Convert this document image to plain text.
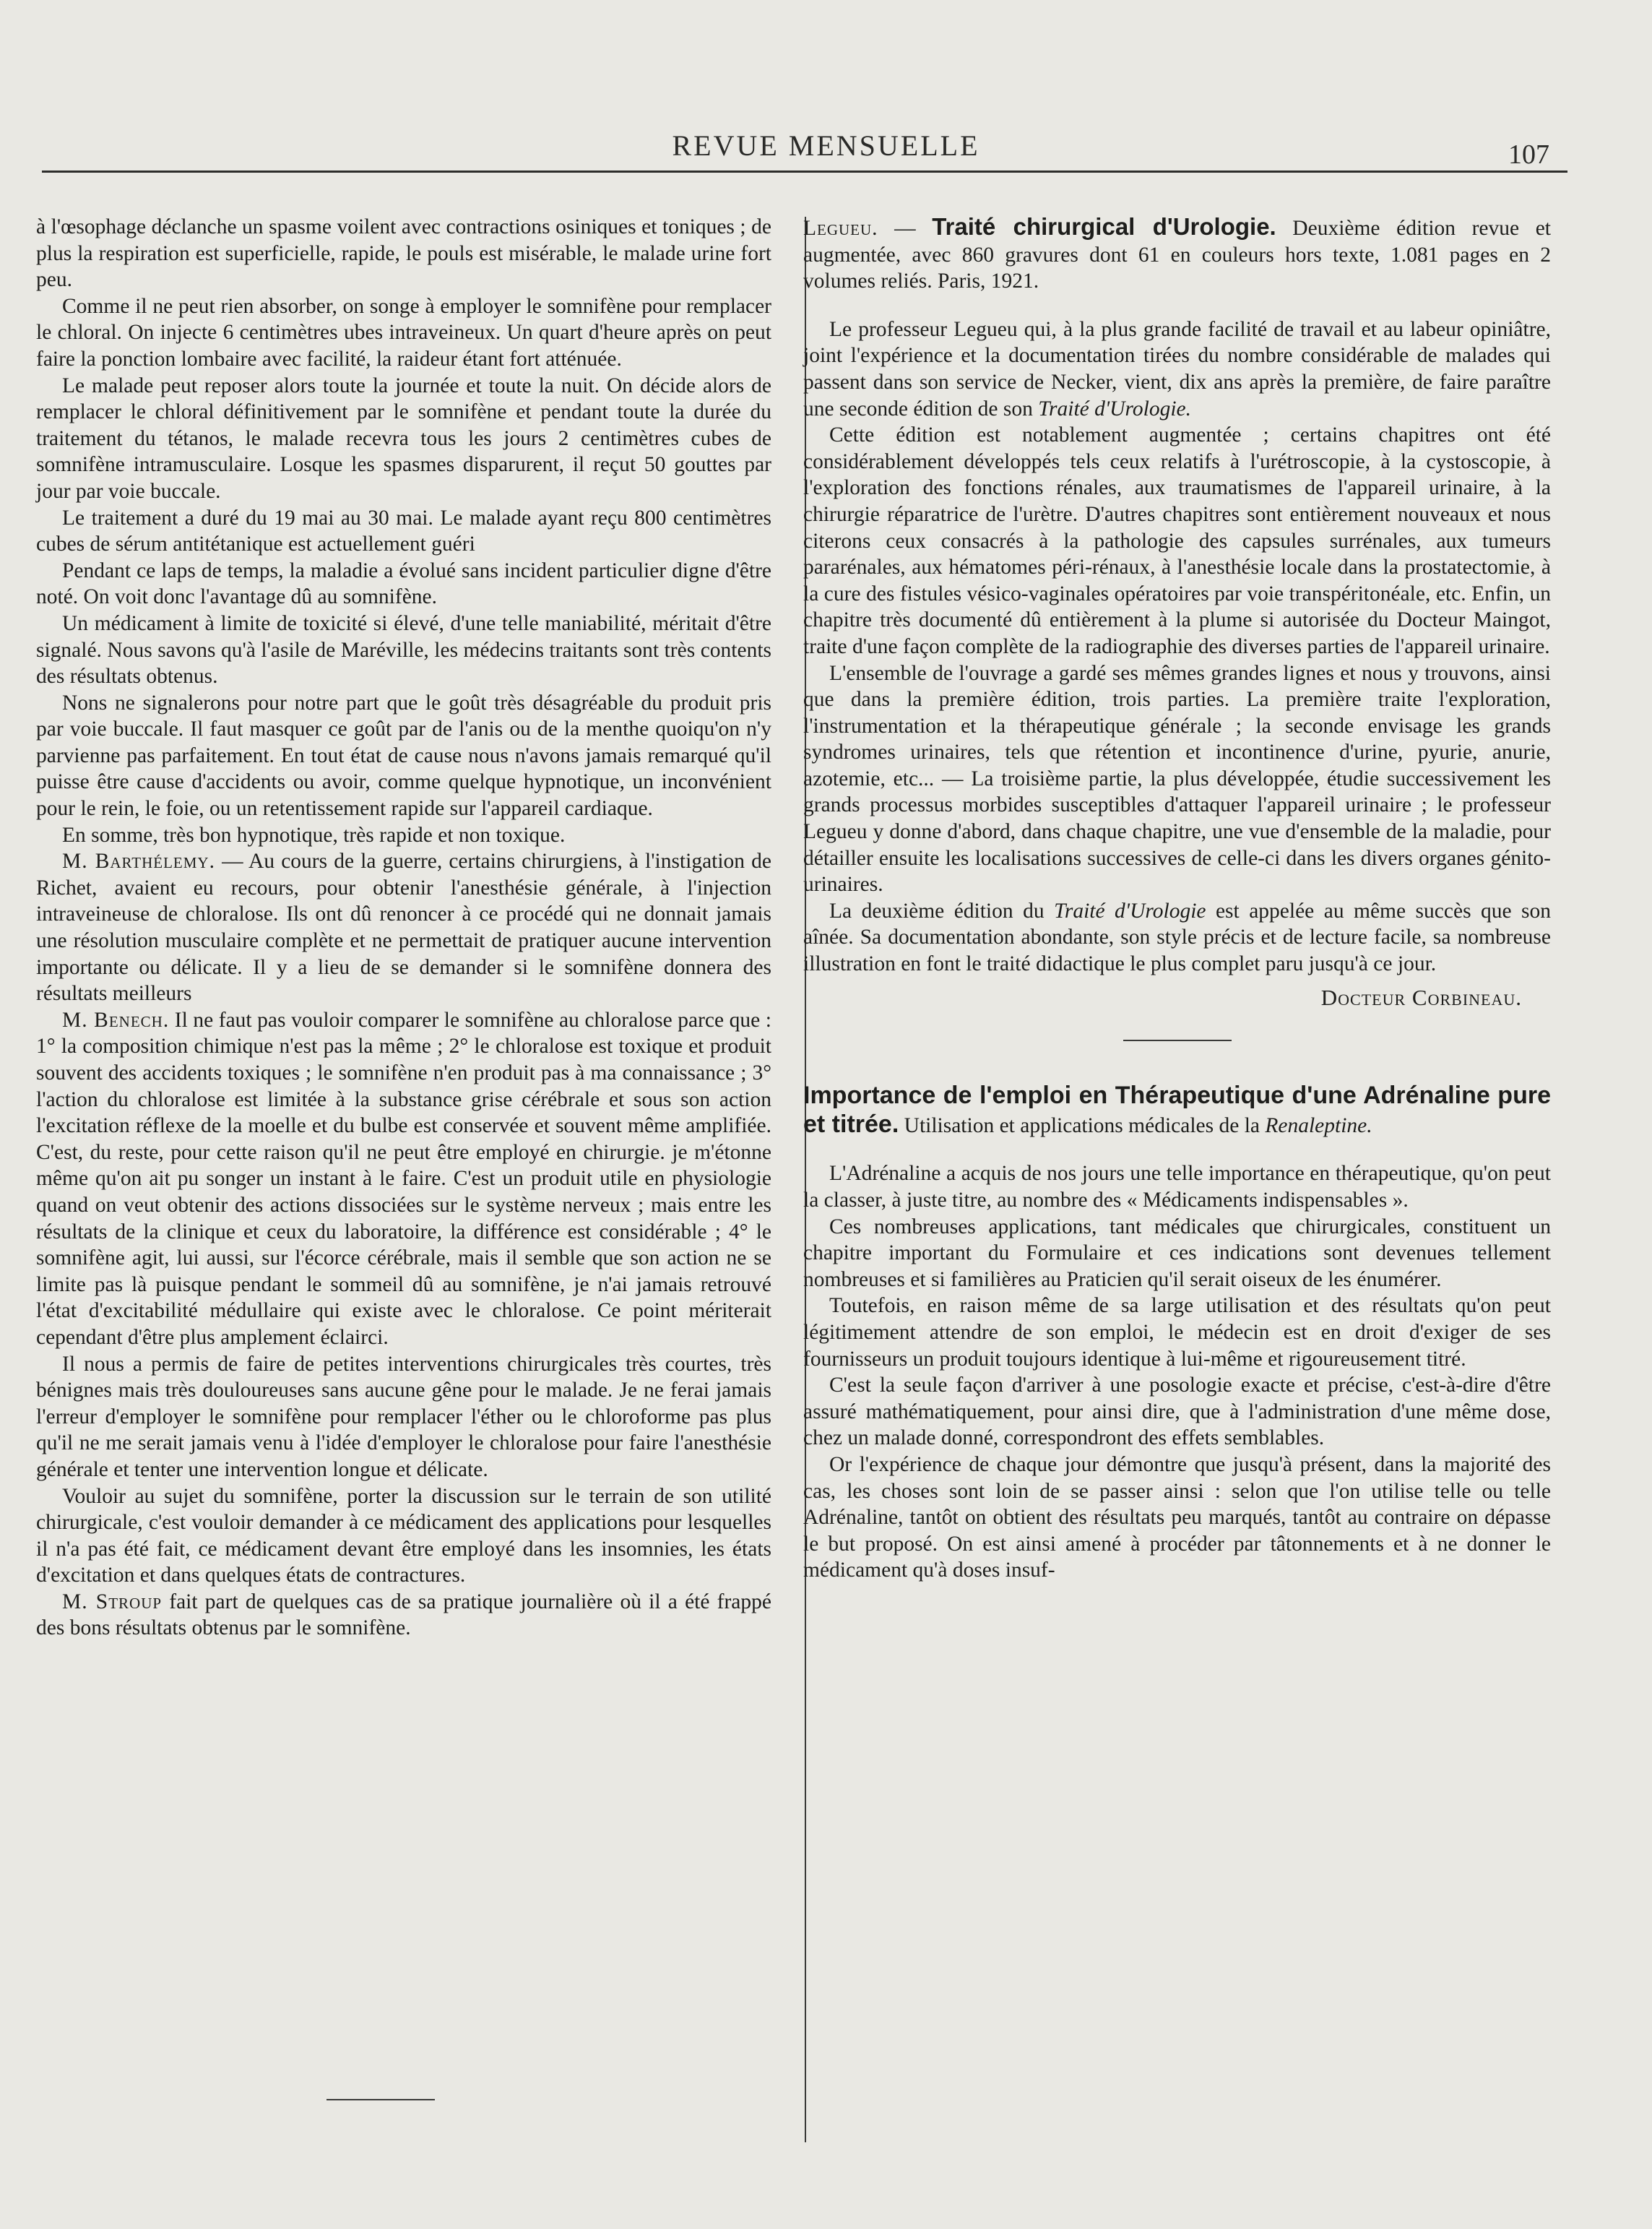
REVUE MENSUELLE	107

à l'œsophage déclanche un spasme voilent avec contractions osiniques et toniques ; de plus la respiration est superficielle, rapide, le pouls est misérable, le malade urine fort peu.

Comme il ne peut rien absorber, on songe à employer le somnifène pour remplacer le chloral. On injecte 6 centimètres ubes intraveineux. Un quart d'heure après on peut faire la ponction lombaire avec facilité, la raideur étant fort atténuée.

Le malade peut reposer alors toute la journée et toute la nuit. On décide alors de remplacer le chloral définitivement par le somnifène et pendant toute la durée du traitement du tétanos, le malade recevra tous les jours 2 centimètres cubes de somnifène intramusculaire. Losque les spasmes disparurent, il reçut 50 gouttes par jour par voie buccale.

Le traitement a duré du 19 mai au 30 mai. Le malade ayant reçu 800 centimètres cubes de sérum antitétanique est actuellement guéri

Pendant ce laps de temps, la maladie a évolué sans incident particulier digne d'être noté. On voit donc l'avantage dû au somnifène.

Un médicament à limite de toxicité si élevé, d'une telle maniabilité, méritait d'être signalé. Nous savons qu'à l'asile de Maréville, les médecins traitants sont très contents des résultats obtenus.

Nons ne signalerons pour notre part que le goût très désagréable du produit pris par voie buccale. Il faut masquer ce goût par de l'anis ou de la menthe quoiqu'on n'y parvienne pas parfaitement. En tout état de cause nous n'avons jamais remarqué qu'il puisse être cause d'accidents ou avoir, comme quelque hypnotique, un inconvénient pour le rein, le foie, ou un retentissement rapide sur l'appareil cardiaque.

En somme, très bon hypnotique, très rapide et non toxique.

M. Barthélemy. — Au cours de la guerre, certains chirurgiens, à l'instigation de Richet, avaient eu recours, pour obtenir l'anesthésie générale, à l'injection intraveineuse de chloralose. Ils ont dû renoncer à ce procédé qui ne donnait jamais une résolution musculaire complète et ne permettait de pratiquer aucune intervention importante ou délicate. Il y a lieu de se demander si le somnifène donnera des résultats meilleurs

M. Benech. Il ne faut pas vouloir comparer le somnifène au chloralose parce que : 1° la composition chimique n'est pas la même ; 2° le chloralose est toxique et produit souvent des accidents toxiques ; le somnifène n'en produit pas à ma connaissance ; 3° l'action du chloralose est limitée à la substance grise cérébrale et sous son action l'excitation réflexe de la moelle et du bulbe est conservée et souvent même amplifiée. C'est, du reste, pour cette raison qu'il ne peut être employé en chirurgie. je m'étonne même qu'on ait pu songer un instant à le faire. C'est un produit utile en physiologie quand on veut obtenir des actions dissociées sur le système nerveux ; mais entre les résultats de la clinique et ceux du laboratoire, la différence est considérable ; 4° le somnifène agit, lui aussi, sur l'écorce cérébrale, mais il semble que son action ne se limite pas là puisque pendant le sommeil dû au somnifène, je n'ai jamais retrouvé l'état d'excitabilité médullaire qui existe avec le chloralose. Ce point mériterait cependant d'être plus amplement éclairci.

Il nous a permis de faire de petites interventions chirurgicales très courtes, très bénignes mais très douloureuses sans aucune gêne pour le malade. Je ne ferai jamais l'erreur d'employer le somnifène pour remplacer l'éther ou le chloroforme pas plus qu'il ne me serait jamais venu à l'idée d'employer le chloralose pour faire l'anesthésie générale et tenter une intervention longue et délicate.

Vouloir au sujet du somnifène, porter la discussion sur le terrain de son utilité chirurgicale, c'est vouloir demander à ce médicament des applications pour lesquelles il n'a pas été fait, ce médicament devant être employé dans les insomnies, les états d'excitation et dans quelques états de contractures.

M. Stroup fait part de quelques cas de sa pratique journalière où il a été frappé des bons résultats obtenus par le somnifène.

Legueu. — Traité chirurgical d'Urologie. Deuxième édition revue et augmentée, avec 860 gravures dont 61 en couleurs hors texte, 1.081 pages en 2 volumes reliés. Paris, 1921.

Le professeur Legueu qui, à la plus grande facilité de travail et au labeur opiniâtre, joint l'expérience et la documentation tirées du nombre considérable de malades qui passent dans son service de Necker, vient, dix ans après la première, de faire paraître une seconde édition de son Traité d'Urologie.

Cette édition est notablement augmentée ; certains chapitres ont été considérablement développés tels ceux relatifs à l'urétroscopie, à la cystoscopie, à l'exploration des fonctions rénales, aux traumatismes de l'appareil urinaire, à la chirurgie réparatrice de l'urètre. D'autres chapitres sont entièrement nouveaux et nous citerons ceux consacrés à la pathologie des capsules surrénales, aux tumeurs pararénales, aux hématomes péri-rénaux, à l'anesthésie locale dans la prostatectomie, à la cure des fistules vésico-vaginales opératoires par voie transpéritonéale, etc. Enfin, un chapitre très documenté dû entièrement à la plume si autorisée du Docteur Maingot, traite d'une façon complète de la radiographie des diverses parties de l'appareil urinaire.

L'ensemble de l'ouvrage a gardé ses mêmes grandes lignes et nous y trouvons, ainsi que dans la première édition, trois parties. La première traite l'exploration, l'instrumentation et la thérapeutique générale ; la seconde envisage les grands syndromes urinaires, tels que rétention et incontinence d'urine, pyurie, anurie, azotemie, etc... — La troisième partie, la plus développée, étudie successivement les grands processus morbides susceptibles d'attaquer l'appareil urinaire ; le professeur Legueu y donne d'abord, dans chaque chapitre, une vue d'ensemble de la maladie, pour détailler ensuite les localisations successives de celle-ci dans les divers organes génito-urinaires.

La deuxième édition du Traité d'Urologie est appelée au même succès que son aînée. Sa documentation abondante, son style précis et de lecture facile, sa nombreuse illustration en font le traité didactique le plus complet paru jusqu'à ce jour.

Docteur Corbineau.

Importance de l'emploi en Thérapeutique d'une Adrénaline pure et titrée. Utilisation et applications médicales de la Renaleptine.

L'Adrénaline a acquis de nos jours une telle importance en thérapeutique, qu'on peut la classer, à juste titre, au nombre des « Médicaments indispensables ».

Ces nombreuses applications, tant médicales que chirurgicales, constituent un chapitre important du Formulaire et ces indications sont devenues tellement nombreuses et si familières au Praticien qu'il serait oiseux de les énumérer.

Toutefois, en raison même de sa large utilisation et des résultats qu'on peut légitimement attendre de son emploi, le médecin est en droit d'exiger de ses fournisseurs un produit toujours identique à lui-même et rigoureusement titré.

C'est la seule façon d'arriver à une posologie exacte et précise, c'est-à-dire d'être assuré mathématiquement, pour ainsi dire, que à l'administration d'une même dose, chez un malade donné, correspondront des effets semblables.

Or l'expérience de chaque jour démontre que jusqu'à présent, dans la majorité des cas, les choses sont loin de se passer ainsi : selon que l'on utilise telle ou telle Adrénaline, tantôt on obtient des résultats peu marqués, tantôt au contraire on dépasse le but proposé. On est ainsi amené à procéder par tâtonnements et à ne donner le médicament qu'à doses insuf-
